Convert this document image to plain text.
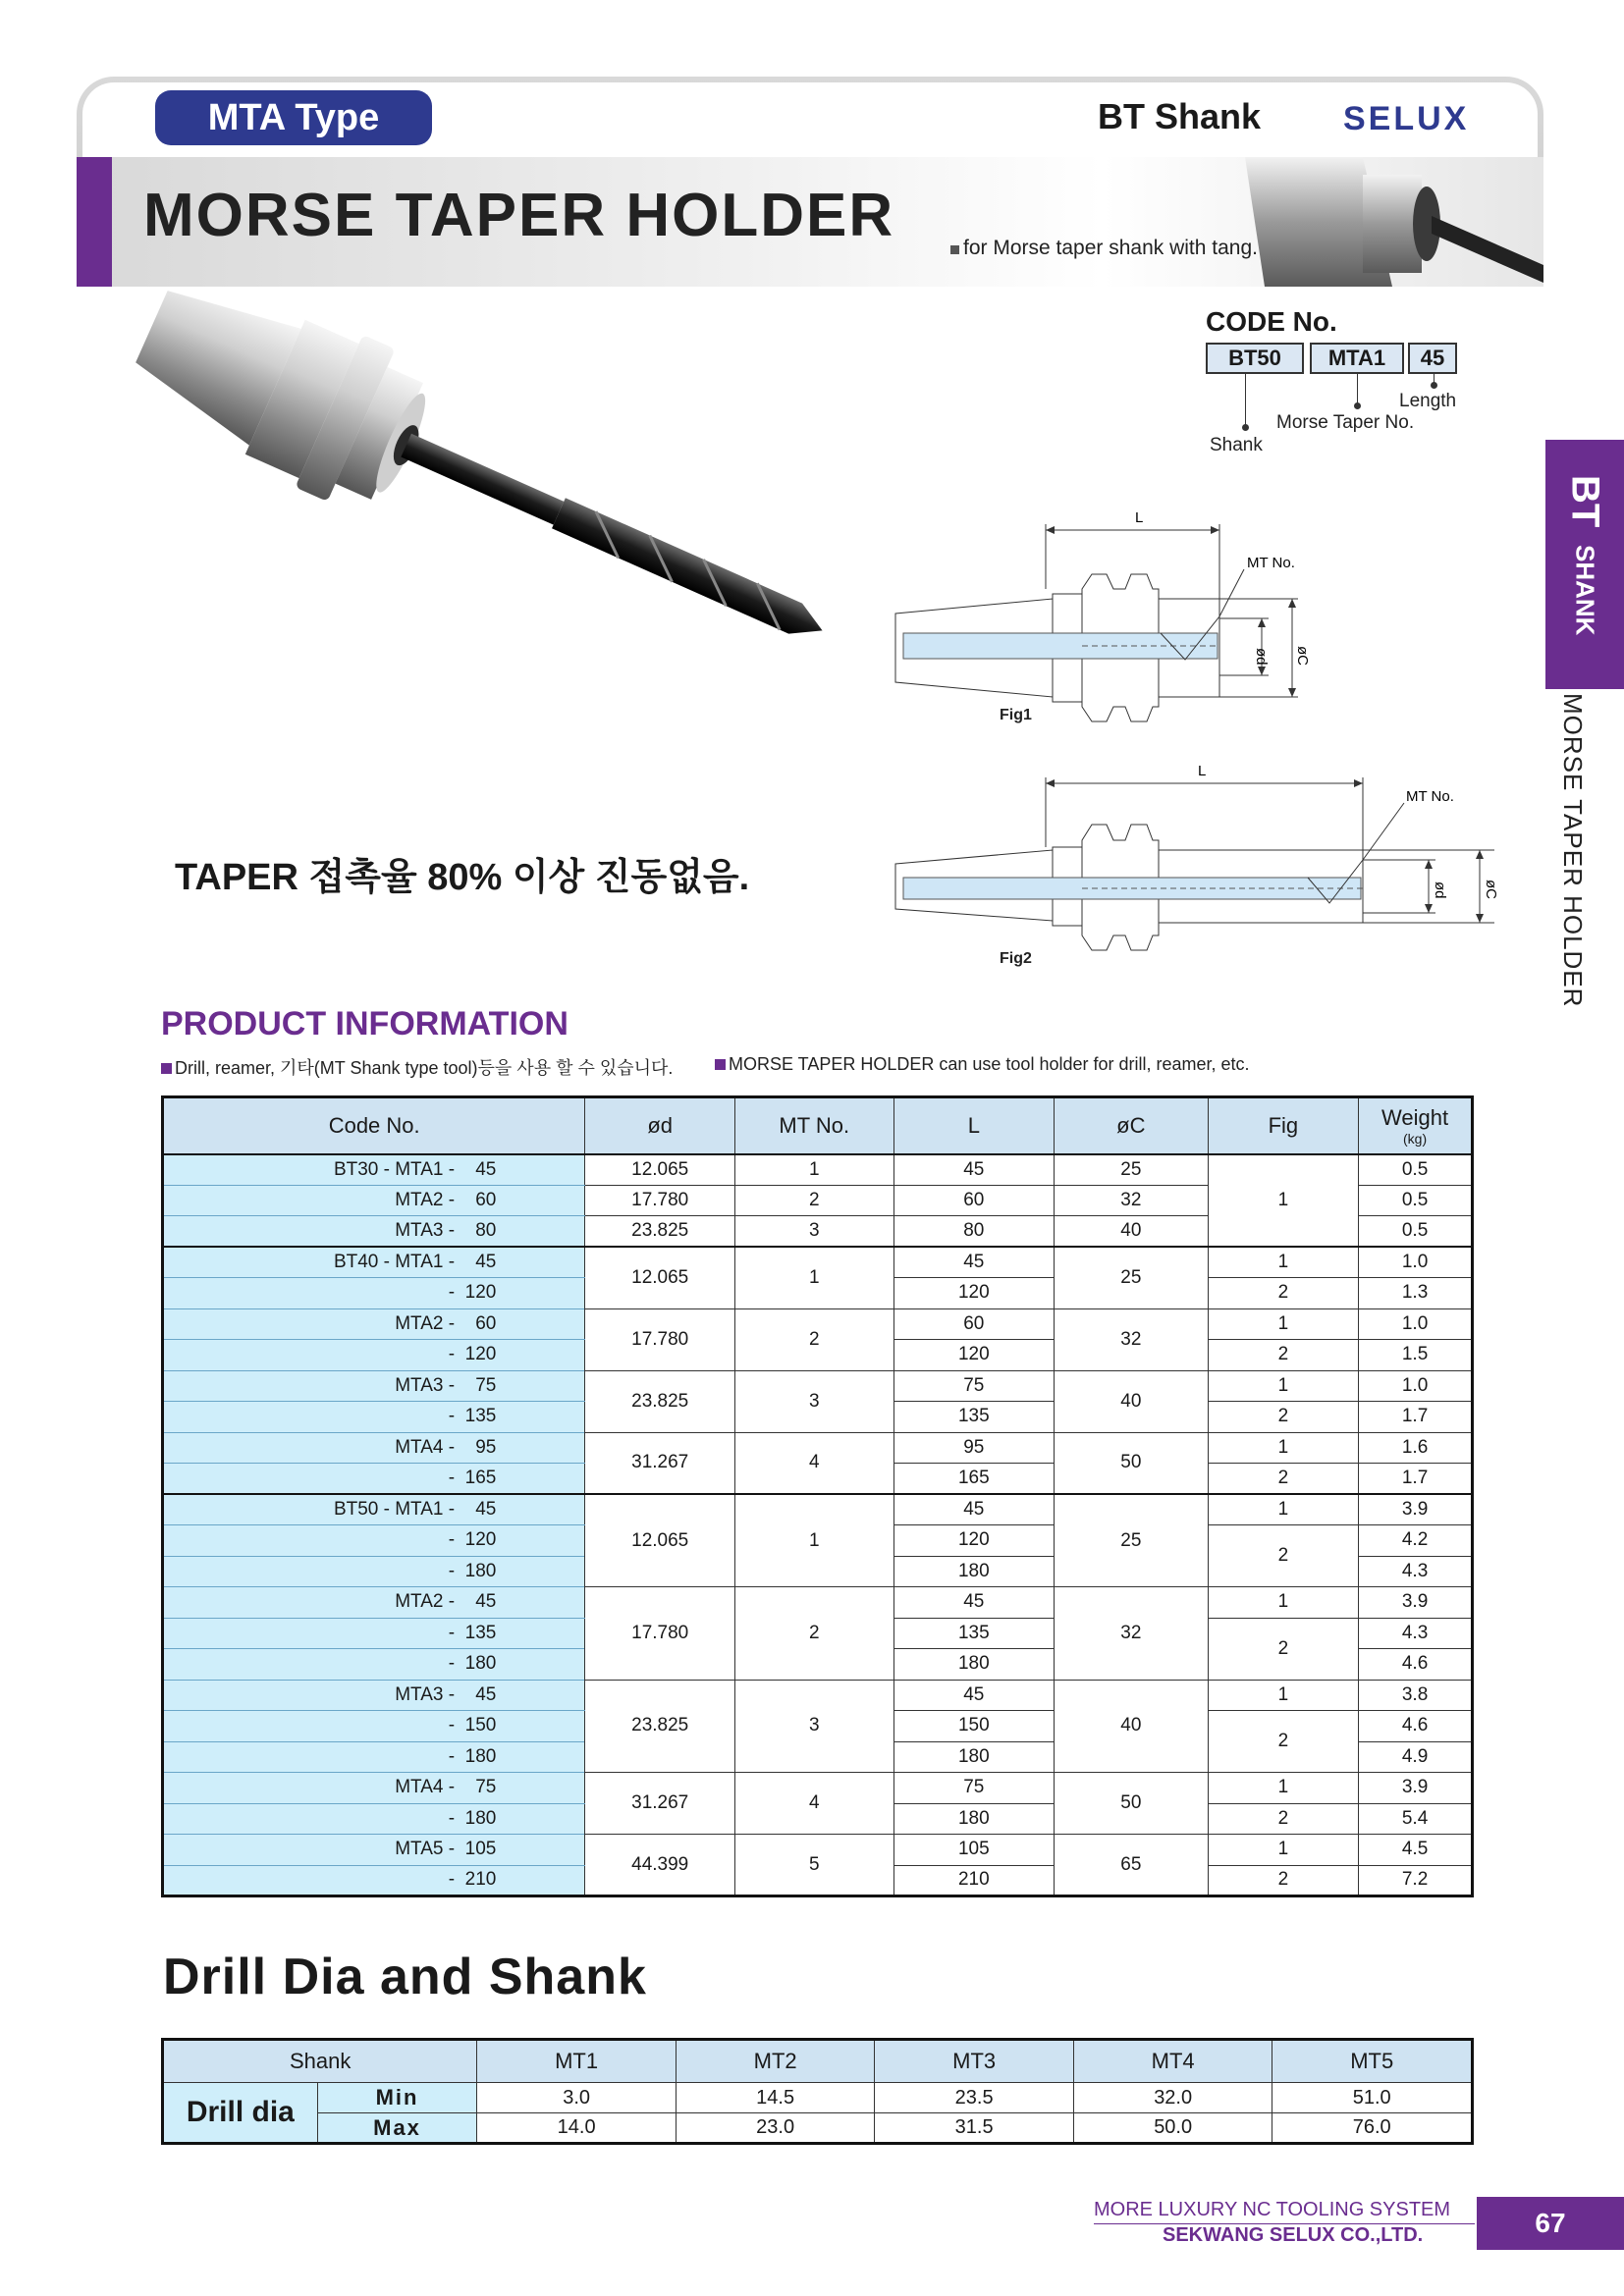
MTA Type	BT Shank SELUX
MORSE TAPER HOLDER	for Morse taper shank with tang.
CODE No.
BT50	MTA1	45
Length
Morse Taper No.
Shank
BT
SHANK
MORSE TAPER HOLDER
TAPER 접촉율 80% 이상 진동없음.
L
MT No.
ød øC
Fig1
L
MT No.
ød øC
Fig2
PRODUCT INFORMATION
Drill, reamer, 기타(MT Shank type tool)등을 사용 할 수 있습니다.	MORSE TAPER HOLDER can use tool holder for drill, reamer, etc.
Code No.	ød	MT No.	L	øC	Fig	Weight
(kg)

BT30 - MTA1 -    45	12.065	1	45	25	1	0.5
MTA2 -    60	17.780	2	60	32		0.5
MTA3 -    80	23.825	3	80	40		0.5
BT40 - MTA1 -    45	12.065	1	45	25	1	1.0
-  120			120		2	1.3
MTA2 -    60	17.780	2	60	32	1	1.0
-  120			120		2	1.5
MTA3 -    75	23.825	3	75	40	1	1.0
-  135			135		2	1.7
MTA4 -    95	31.267	4	95	50	1	1.6
-  165			165		2	1.7
BT50 - MTA1 -    45	12.065	1	45	25	1	3.9
-  120			120		2	4.2
-  180			180			4.3
MTA2 -    45	17.780	2	45	32	1	3.9
-  135			135		2	4.3
-  180			180			4.6
MTA3 -    45	23.825	3	45	40	1	3.8
-  150			150		2	4.6
-  180			180			4.9
MTA4 -    75	31.267	4	75	50	1	3.9
-  180			180		2	5.4
MTA5 -  105	44.399	5	105	65	1	4.5
-  210			210		2	7.2
Drill Dia and Shank
Shank		MT1	MT2	MT3	MT4	MT5
Drill dia	Min	3.0	14.5	23.5	32.0	51.0
	Max	14.0	23.0	31.5	50.0	76.0
MORE LUXURY NC TOOLING SYSTEM
SEKWANG SELUX CO.,LTD.	67
